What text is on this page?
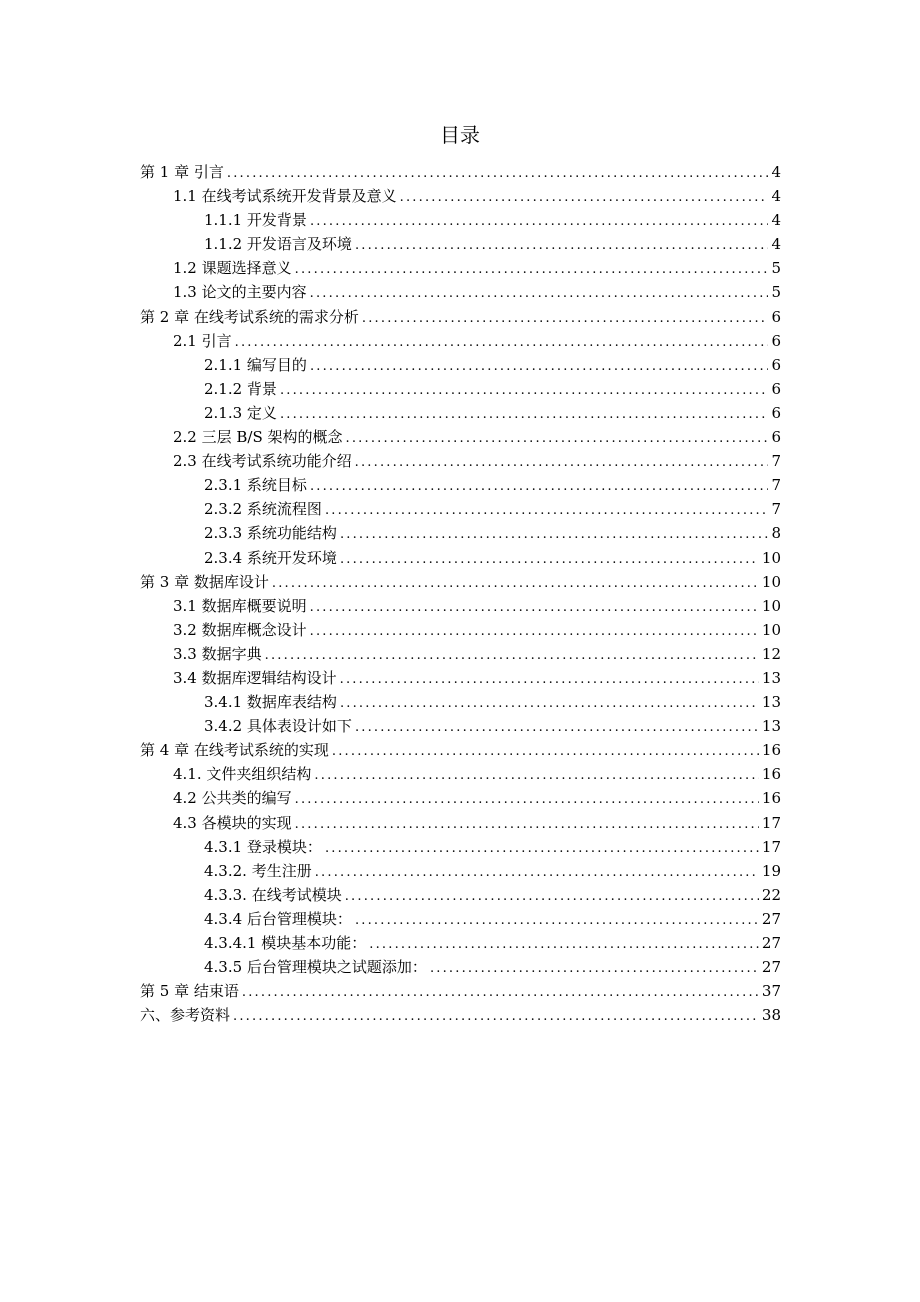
目录
第 1 章 引言 .....	4
1.1 在线考试系统开发背景及意义 .....	4
1.1.1 开发背景 .....	4
1.1.2 开发语言及环境 .....	4
1.2 课题选择意义 .....	5
1.3 论文的主要内容 .....	5
第 2 章 在线考试系统的需求分析 .....	6
2.1 引言 .....	6
2.1.1 编写目的 .....	6
2.1.2 背景 .....	6
2.1.3 定义 .....	6
2.2 三层 B/S 架构的概念 .....	6
2.3 在线考试系统功能介绍 .....	7
2.3.1 系统目标 .....	7
2.3.2 系统流程图 .....	7
2.3.3 系统功能结构 .....	8
2.3.4 系统开发环境 .....	10
第 3 章 数据库设计 .....	10
3.1 数据库概要说明 .....	10
3.2 数据库概念设计 .....	10
3.3 数据字典 .....	12
3.4 数据库逻辑结构设计 .....	13
3.4.1 数据库表结构 .....	13
3.4.2 具体表设计如下 .....	13
第 4 章 在线考试系统的实现 .....	16
4.1. 文件夹组织结构 .....	16
4.2 公共类的编写 .....	16
4.3 各模块的实现 .....	17
4.3.1 登录模块： .....	17
4.3.2. 考生注册 .....	19
4.3.3. 在线考试模块 .....	22
4.3.4 后台管理模块： .....	27
4.3.4.1 模块基本功能： .....	27
4.3.5 后台管理模块之试题添加： .....	27
第 5 章 结束语 .....	37
六、参考资料 .....	38
